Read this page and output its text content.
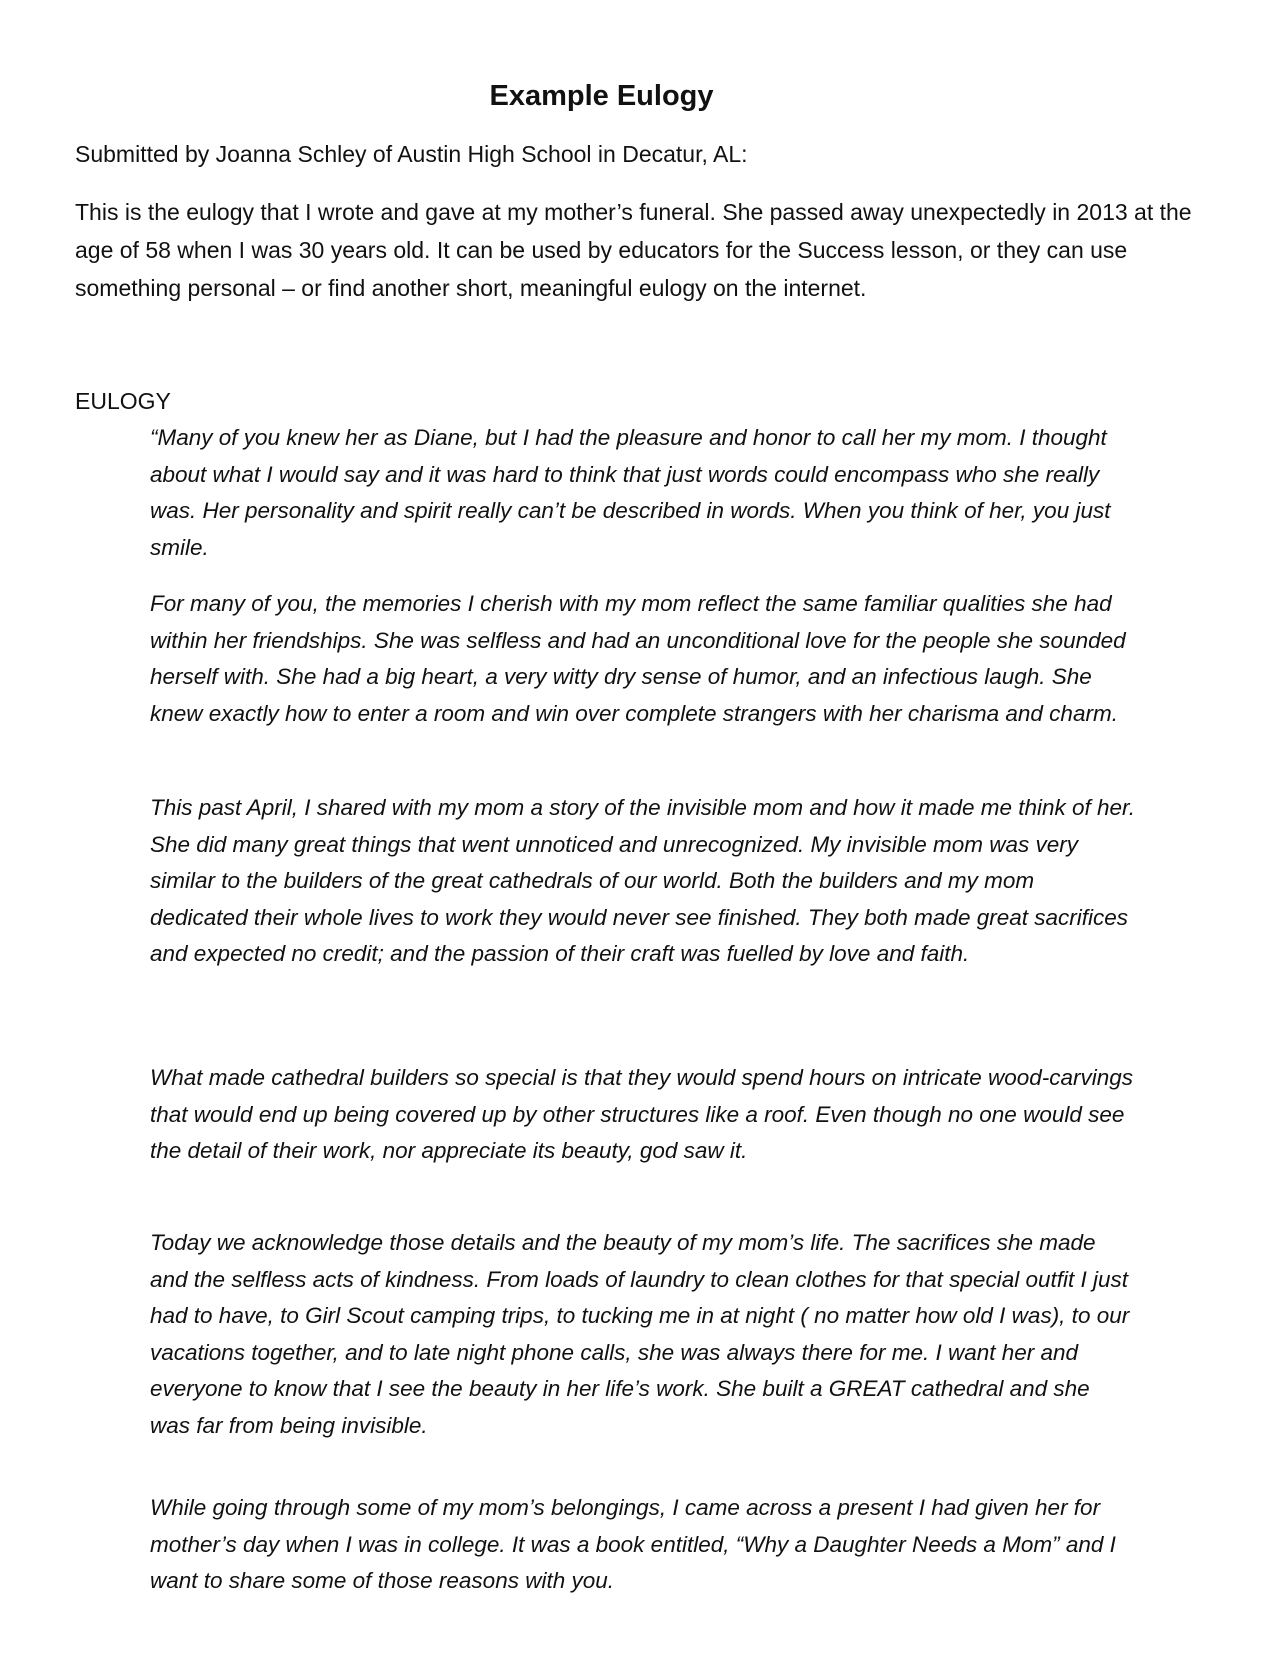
Example Eulogy

Submitted by Joanna Schley of Austin High School in Decatur, AL:

This is the eulogy that I wrote and gave at my mother’s funeral. She passed away unexpectedly in 2013 at the age of 58 when I was 30 years old. It can be used by educators for the Success lesson, or they can use something personal – or find another short, meaningful eulogy on the internet.

EULOGY

“Many of you knew her as Diane, but I had the pleasure and honor to call her my mom. I thought about what I would say and it was hard to think that just words could encompass who she really was. Her personality and spirit really can’t be described in words. When you think of her, you just smile.

For many of you, the memories I cherish with my mom reflect the same familiar qualities she had within her friendships. She was selfless and had an unconditional love for the people she sounded herself with. She had a big heart, a very witty dry sense of humor, and an infectious laugh. She knew exactly how to enter a room and win over complete strangers with her charisma and charm.

This past April, I shared with my mom a story of the invisible mom and how it made me think of her. She did many great things that went unnoticed and unrecognized. My invisible mom was very similar to the builders of the great cathedrals of our world. Both the builders and my mom dedicated their whole lives to work they would never see finished. They both made great sacrifices and expected no credit; and the passion of their craft was fuelled by love and faith.

What made cathedral builders so special is that they would spend hours on intricate wood-carvings that would end up being covered up by other structures like a roof. Even though no one would see the detail of their work, nor appreciate its beauty, god saw it.

Today we acknowledge those details and the beauty of my mom’s life. The sacrifices she made and the selfless acts of kindness. From loads of laundry to clean clothes for that special outfit I just had to have, to Girl Scout camping trips, to tucking me in at night ( no matter how old I was), to our vacations together, and to late night phone calls, she was always there for me. I want her and everyone to know that I see the beauty in her life’s work. She built a GREAT cathedral and she was far from being invisible.

While going through some of my mom’s belongings, I came across a present I had given her for mother’s day when I was in college. It was a book entitled, “Why a Daughter Needs a Mom” and I want to share some of those reasons with you.
